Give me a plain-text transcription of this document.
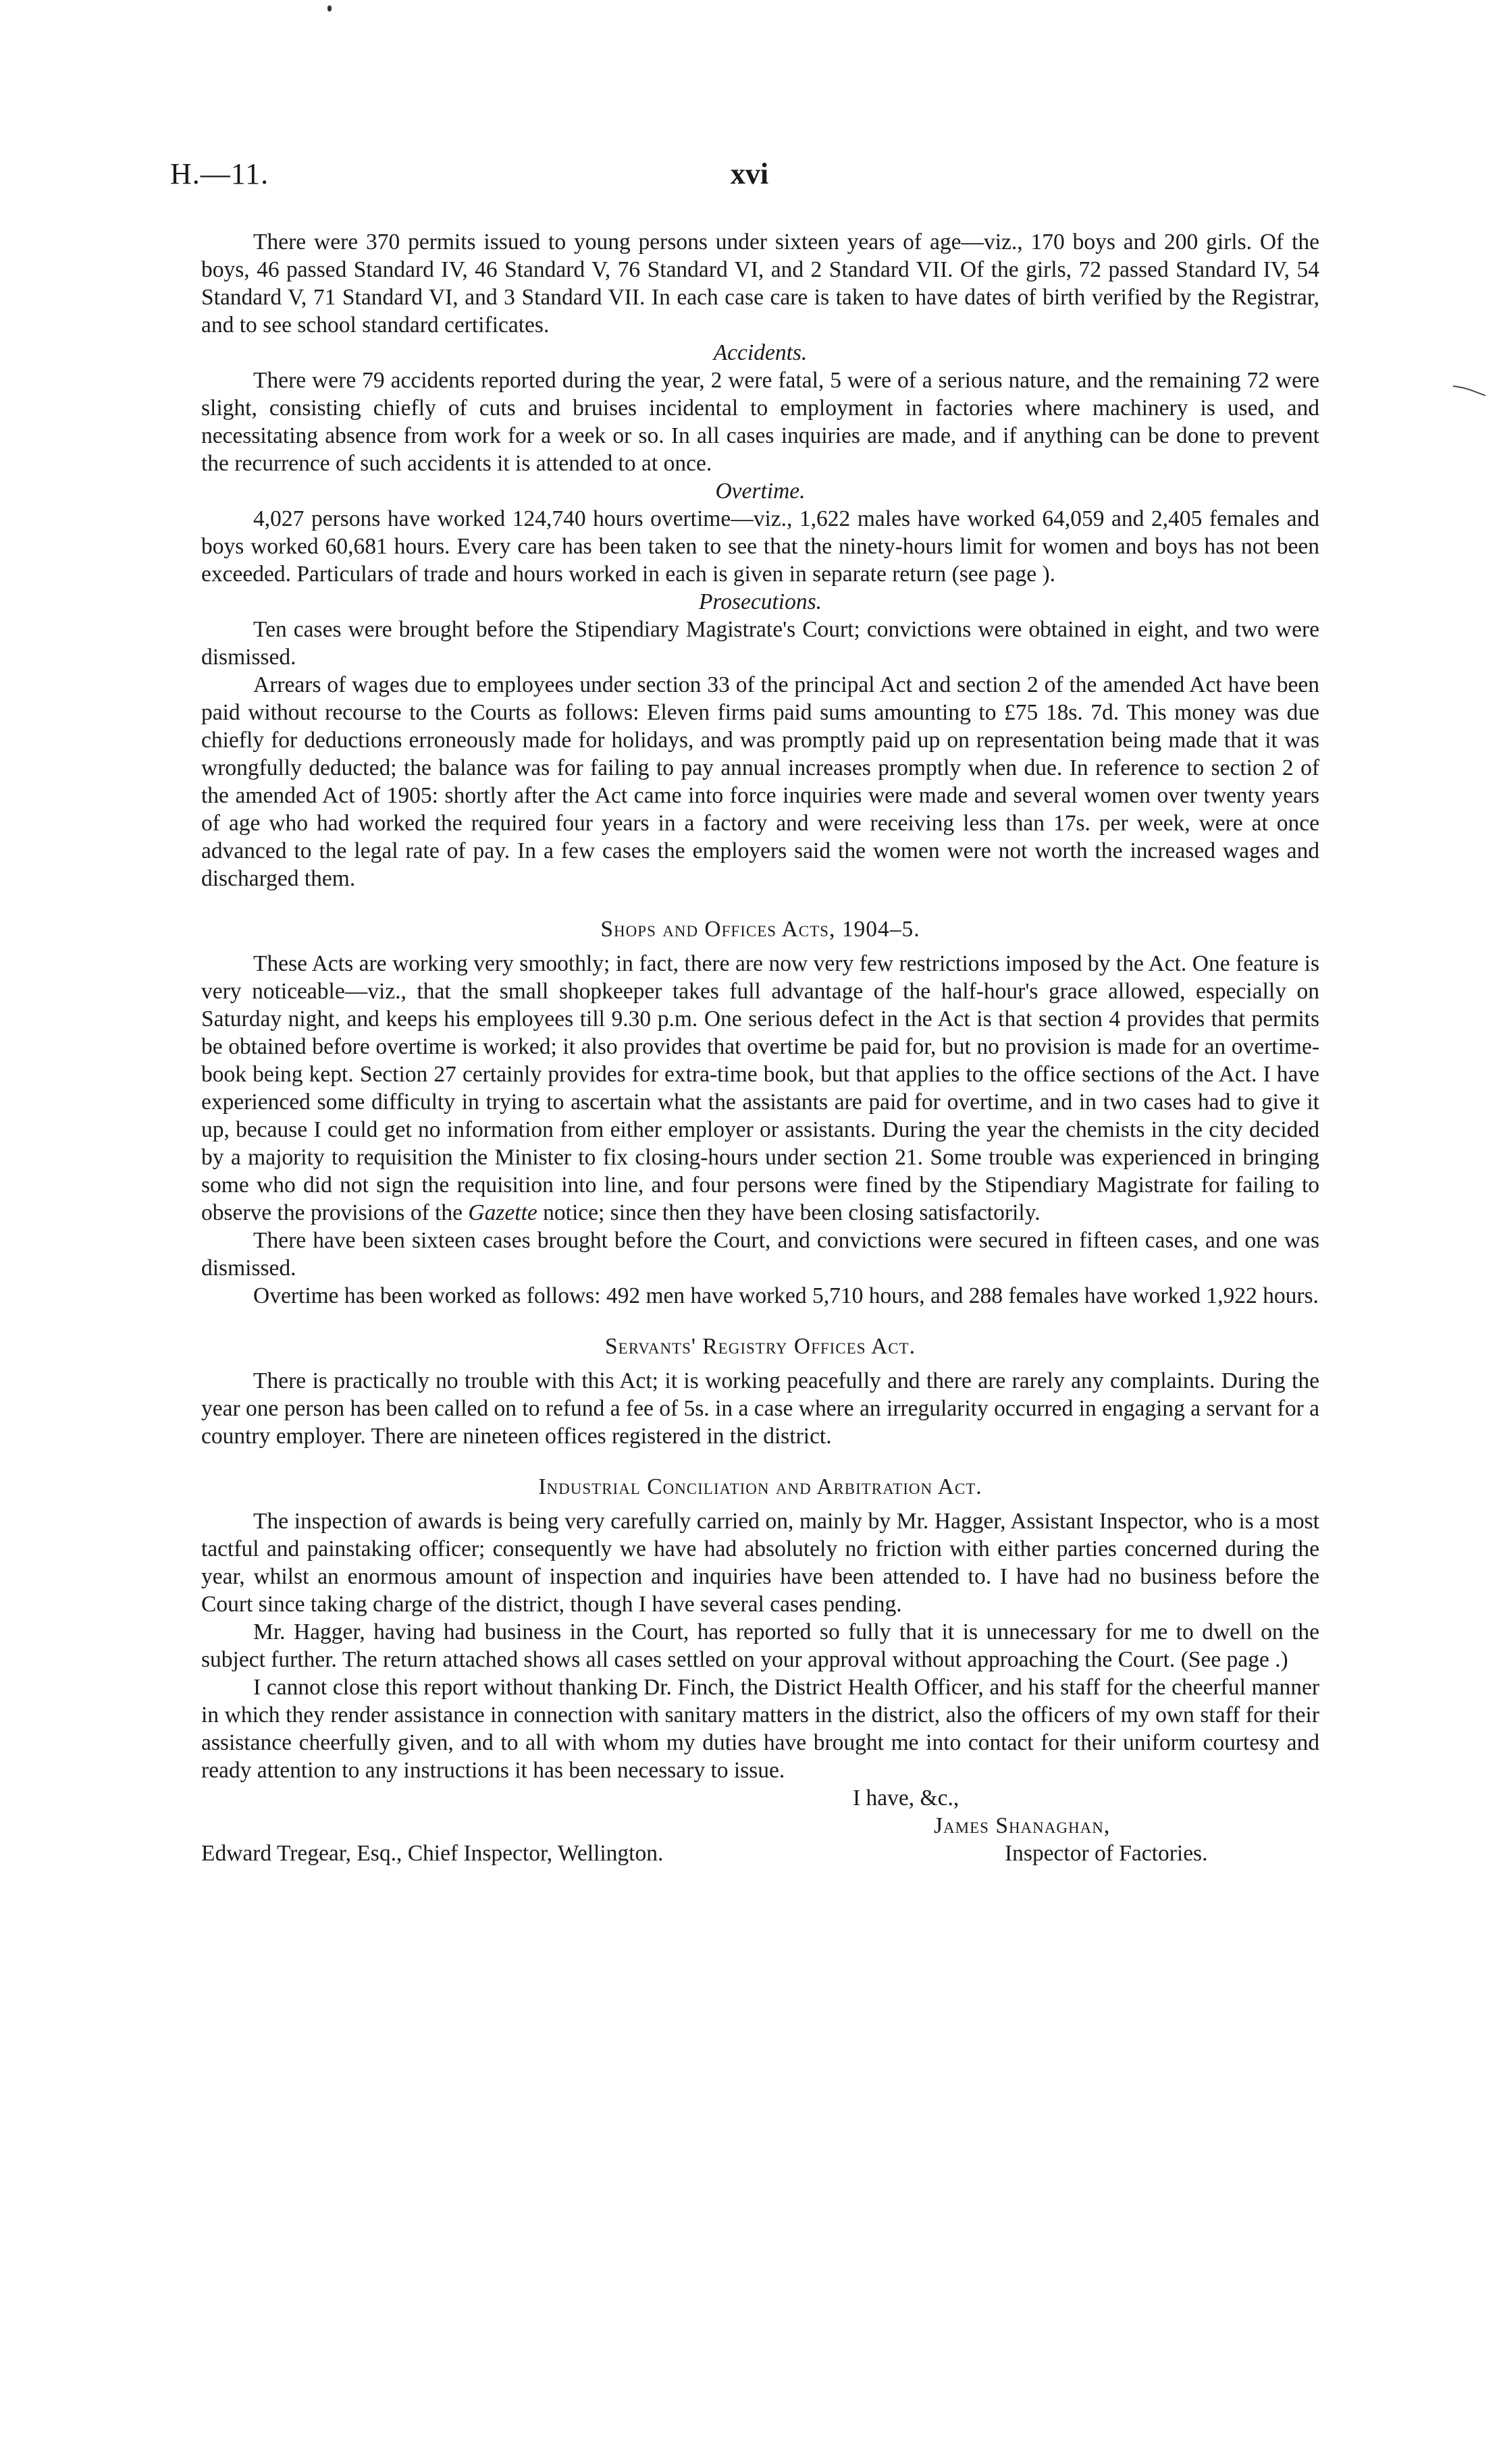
H.—11.	xvi

There were 370 permits issued to young persons under sixteen years of age—viz., 170 boys and 200 girls. Of the boys, 46 passed Standard IV, 46 Standard V, 76 Standard VI, and 2 Standard VII. Of the girls, 72 passed Standard IV, 54 Standard V, 71 Standard VI, and 3 Standard VII. In each case care is taken to have dates of birth verified by the Registrar, and to see school standard certificates.

Accidents.

There were 79 accidents reported during the year, 2 were fatal, 5 were of a serious nature, and the remaining 72 were slight, consisting chiefly of cuts and bruises incidental to employment in factories where machinery is used, and necessitating absence from work for a week or so. In all cases inquiries are made, and if anything can be done to prevent the recurrence of such accidents it is attended to at once.

Overtime.

4,027 persons have worked 124,740 hours overtime—viz., 1,622 males have worked 64,059 and 2,405 females and boys worked 60,681 hours. Every care has been taken to see that the ninety-hours limit for women and boys has not been exceeded. Particulars of trade and hours worked in each is given in separate return (see page ).

Prosecutions.

Ten cases were brought before the Stipendiary Magistrate's Court; convictions were obtained in eight, and two were dismissed.

Arrears of wages due to employees under section 33 of the principal Act and section 2 of the amended Act have been paid without recourse to the Courts as follows: Eleven firms paid sums amounting to £75 18s. 7d. This money was due chiefly for deductions erroneously made for holidays, and was promptly paid up on representation being made that it was wrongfully deducted; the balance was for failing to pay annual increases promptly when due. In reference to section 2 of the amended Act of 1905: shortly after the Act came into force inquiries were made and several women over twenty years of age who had worked the required four years in a factory and were receiving less than 17s. per week, were at once advanced to the legal rate of pay. In a few cases the employers said the women were not worth the increased wages and discharged them.

Shops and Offices Acts, 1904–5.

These Acts are working very smoothly; in fact, there are now very few restrictions imposed by the Act. One feature is very noticeable—viz., that the small shopkeeper takes full advantage of the half-hour's grace allowed, especially on Saturday night, and keeps his employees till 9.30 p.m. One serious defect in the Act is that section 4 provides that permits be obtained before overtime is worked; it also provides that overtime be paid for, but no provision is made for an overtime-book being kept. Section 27 certainly provides for extra-time book, but that applies to the office sections of the Act. I have experienced some difficulty in trying to ascertain what the assistants are paid for overtime, and in two cases had to give it up, because I could get no information from either employer or assistants. During the year the chemists in the city decided by a majority to requisition the Minister to fix closing-hours under section 21. Some trouble was experienced in bringing some who did not sign the requisition into line, and four persons were fined by the Stipendiary Magistrate for failing to observe the provisions of the Gazette notice; since then they have been closing satisfactorily.

There have been sixteen cases brought before the Court, and convictions were secured in fifteen cases, and one was dismissed.

Overtime has been worked as follows: 492 men have worked 5,710 hours, and 288 females have worked 1,922 hours.

Servants' Registry Offices Act.

There is practically no trouble with this Act; it is working peacefully and there are rarely any complaints. During the year one person has been called on to refund a fee of 5s. in a case where an irregularity occurred in engaging a servant for a country employer. There are nineteen offices registered in the district.

Industrial Conciliation and Arbitration Act.

The inspection of awards is being very carefully carried on, mainly by Mr. Hagger, Assistant Inspector, who is a most tactful and painstaking officer; consequently we have had absolutely no friction with either parties concerned during the year, whilst an enormous amount of inspection and inquiries have been attended to. I have had no business before the Court since taking charge of the district, though I have several cases pending.

Mr. Hagger, having had business in the Court, has reported so fully that it is unnecessary for me to dwell on the subject further. The return attached shows all cases settled on your approval without approaching the Court. (See page .)

I cannot close this report without thanking Dr. Finch, the District Health Officer, and his staff for the cheerful manner in which they render assistance in connection with sanitary matters in the district, also the officers of my own staff for their assistance cheerfully given, and to all with whom my duties have brought me into contact for their uniform courtesy and ready attention to any instructions it has been necessary to issue.

I have, &c.,
James Shanaghan,
Edward Tregear, Esq., Chief Inspector, Wellington.	Inspector of Factories.
